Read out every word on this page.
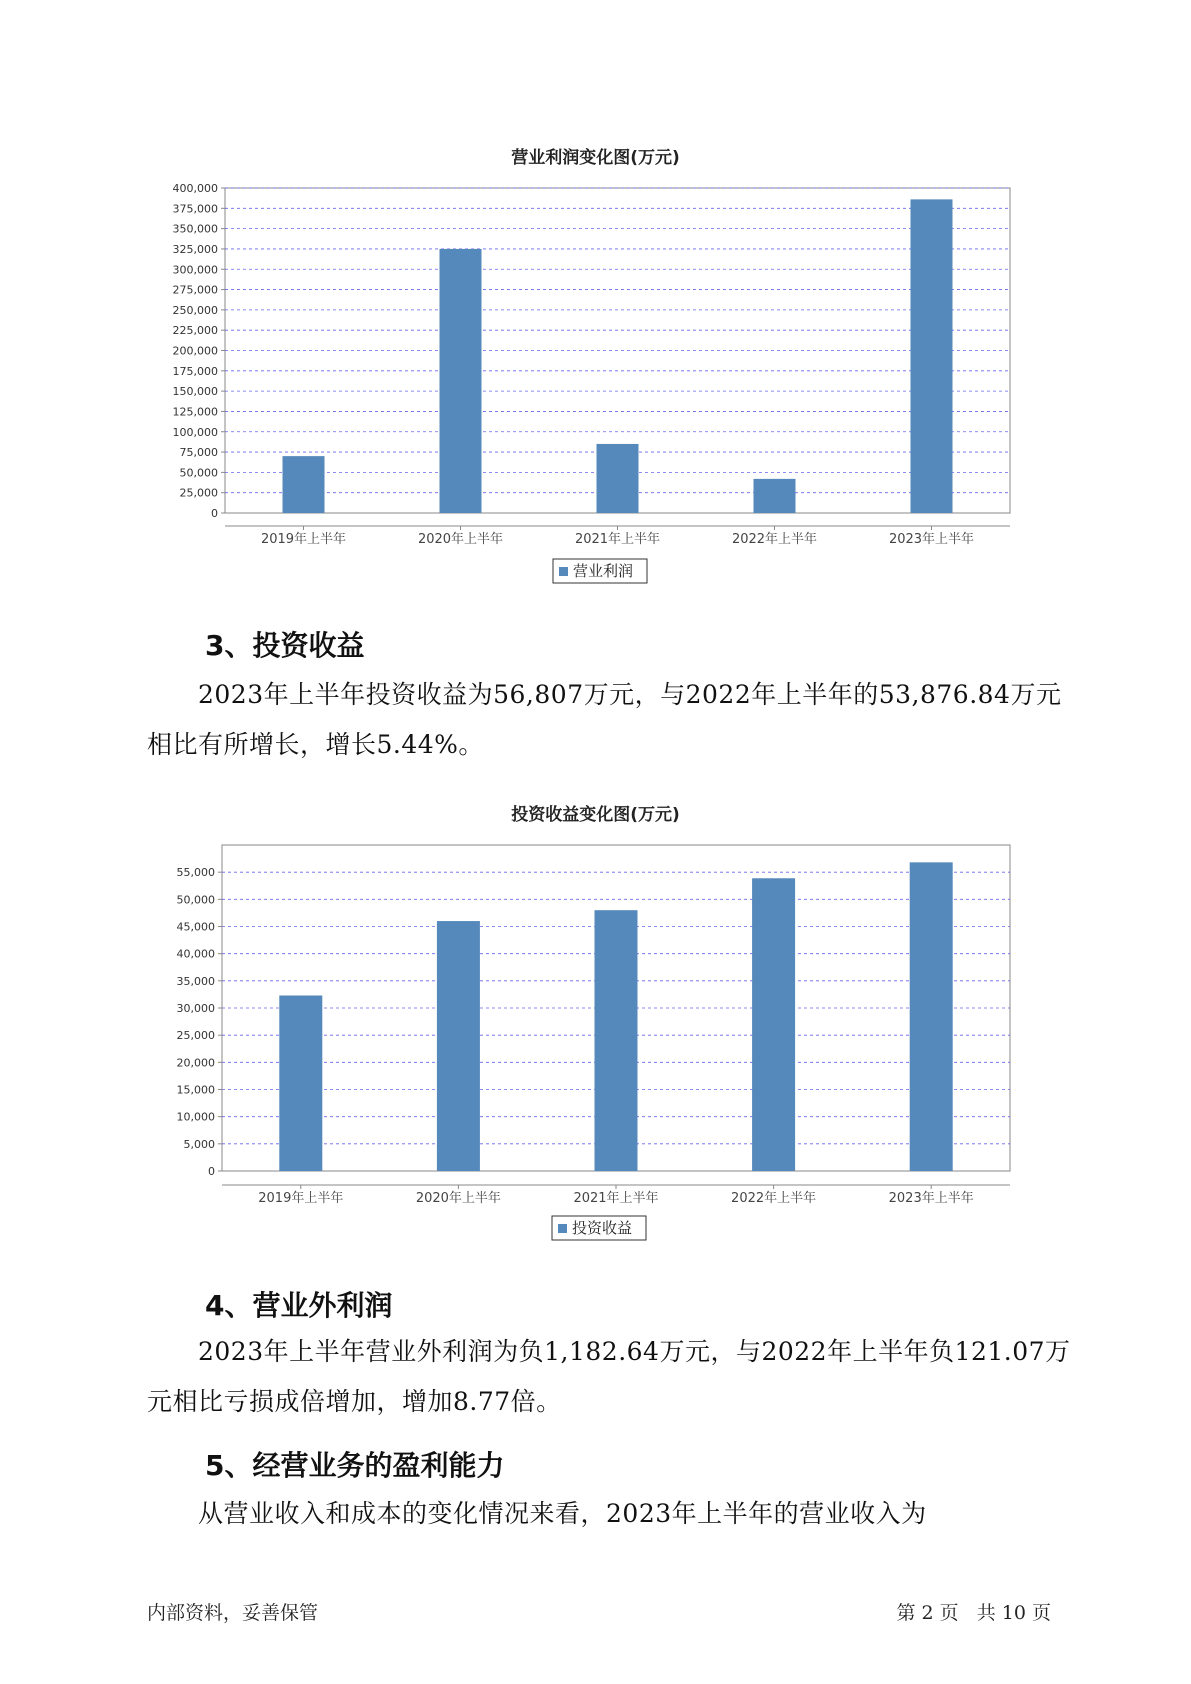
营业利润变化图(万元)
0
25,000
50,000
75,000
100,000
125,000
150,000
175,000
200,000
225,000
250,000
275,000
300,000
325,000
350,000
375,000
400,000
2019年上半年	2020年上半年	2021年上半年	2022年上半年	2023年上半年
营业利润
3、投资收益

2023年上半年投资收益为56,807万元，与2022年上半年的53,876.84万元相比有所增长，增长5.44%。

投资收益变化图(万元)
0
5,000
10,000
15,000
20,000
25,000
30,000
35,000
40,000
45,000
50,000
55,000
2019年上半年	2020年上半年	2021年上半年	2022年上半年	2023年上半年
投资收益
4、营业外利润

2023年上半年营业外利润为负1,182.64万元，与2022年上半年负121.07万元相比亏损成倍增加，增加8.77倍。

5、经营业务的盈利能力

从营业收入和成本的变化情况来看，2023年上半年的营业收入为

内部资料，妥善保管	第 2 页 共 10 页
